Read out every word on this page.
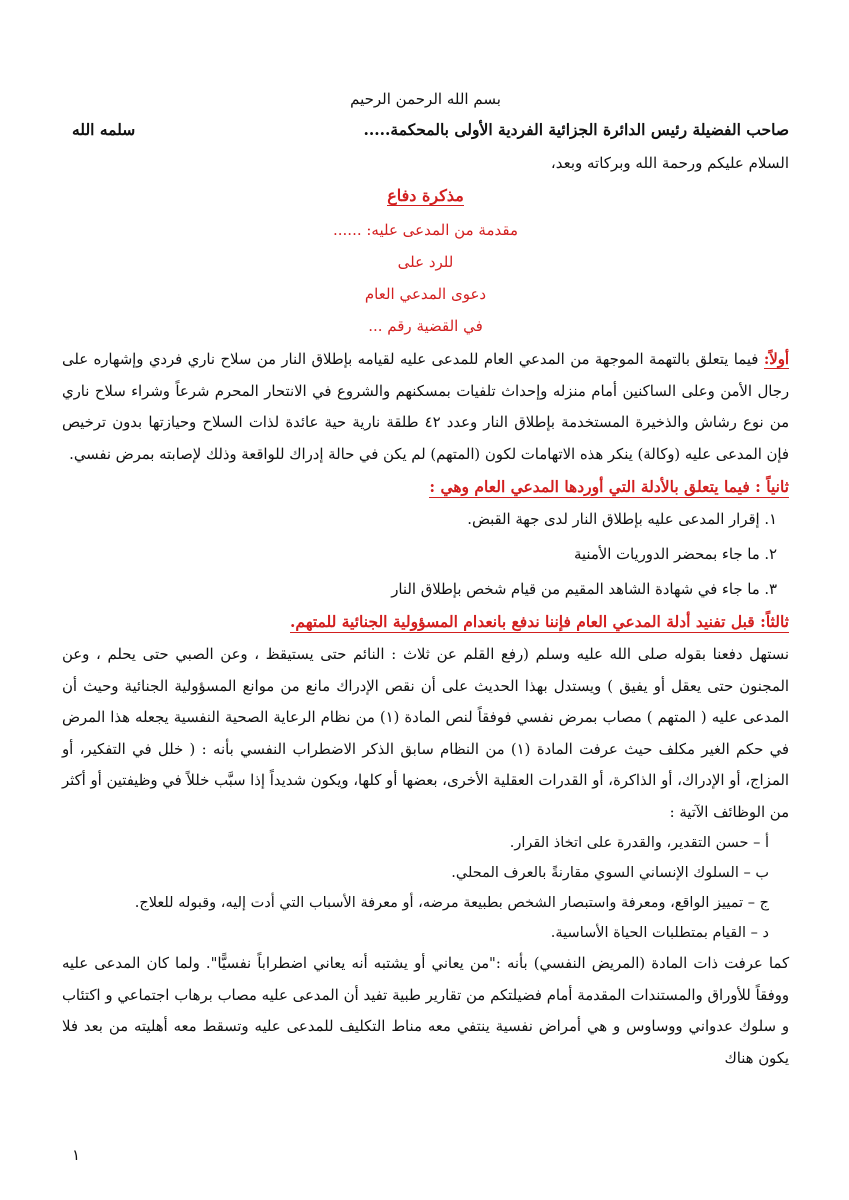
بسم الله الرحمن الرحيم

صاحب الفضيلة رئيس الدائرة الجزائية الفردية الأولى بالمحكمة.....
سلمه الله
السلام عليكم ورحمة الله وبركاته وبعد،

مذكرة دفاع

مقدمة من المدعى عليه: ......

للرد على

دعوى المدعي العام

في القضية رقم ...

أولاً: فيما يتعلق بالتهمة الموجهة من المدعي العام للمدعى عليه لقيامه بإطلاق النار من سلاح ناري فردي وإشهاره على رجال الأمن وعلى الساكنين أمام منزله وإحداث تلفيات بمسكنهم والشروع في الانتحار المحرم شرعاً وشراء سلاح ناري من نوع رشاش والذخيرة المستخدمة بإطلاق النار وعدد ٤٢ طلقة نارية حية عائدة لذات السلاح وحيازتها بدون ترخيص فإن المدعى عليه (وكالة) ينكر هذه الاتهامات لكون (المتهم) لم يكن في حالة إدراك للواقعة وذلك لإصابته بمرض نفسي.

ثانياً : فيما يتعلق بالأدلة التي أوردها المدعي العام وهي :

١. إقرار المدعى عليه بإطلاق النار لدى جهة القبض.
٢. ما جاء بمحضر الدوريات الأمنية
٣. ما جاء في شهادة الشاهد المقيم من قيام شخص بإطلاق النار

ثالثاً: قبل تفنيد أدلة المدعي العام فإننا ندفع بانعدام المسؤولية الجنائية للمتهم.

نستهل دفعنا بقوله صلى الله عليه وسلم (رفع القلم عن ثلاث : النائم حتى يستيقظ ، وعن الصبي حتى يحلم ، وعن المجنون حتى يعقل أو يفيق ) ويستدل بهذا الحديث على أن نقص الإدراك مانع من موانع المسؤولية الجنائية وحيث أن المدعى عليه ( المتهم ) مصاب بمرض نفسي فوفقاً لنص المادة (١) من نظام الرعاية الصحية النفسية يجعله هذا المرض في حكم الغير مكلف حيث عرفت المادة (١) من النظام سابق الذكر الاضطراب النفسي بأنه : ( خلل في التفكير، أو المزاج، أو الإدراك، أو الذاكرة، أو القدرات العقلية الأخرى، بعضها أو كلها، ويكون شديداً إذا سبَّب خللاً في وظيفتين أو أكثر من الوظائف الآتية :

أ – حسن التقدير، والقدرة على اتخاذ القرار.
ب – السلوك الإنساني السوي مقارنةً بالعرف المحلي.
ج – تمييز الواقع، ومعرفة واستبصار الشخص بطبيعة مرضه، أو معرفة الأسباب التي أدت إليه، وقبوله للعلاج.
د – القيام بمتطلبات الحياة الأساسية.

كما عرفت ذات المادة (المريض النفسي) بأنه :"من يعاني أو يشتبه أنه يعاني اضطراباً نفسيًّا". ولما كان المدعى عليه ووفقاً للأوراق والمستندات المقدمة أمام فضيلتكم من تقارير طبية تفيد أن المدعى عليه مصاب برهاب اجتماعي و اكتئاب و سلوك عدواني ووساوس و هي أمراض نفسية ينتفي معه مناط التكليف للمدعى عليه وتسقط معه أهليته من بعد فلا يكون هناك

١
